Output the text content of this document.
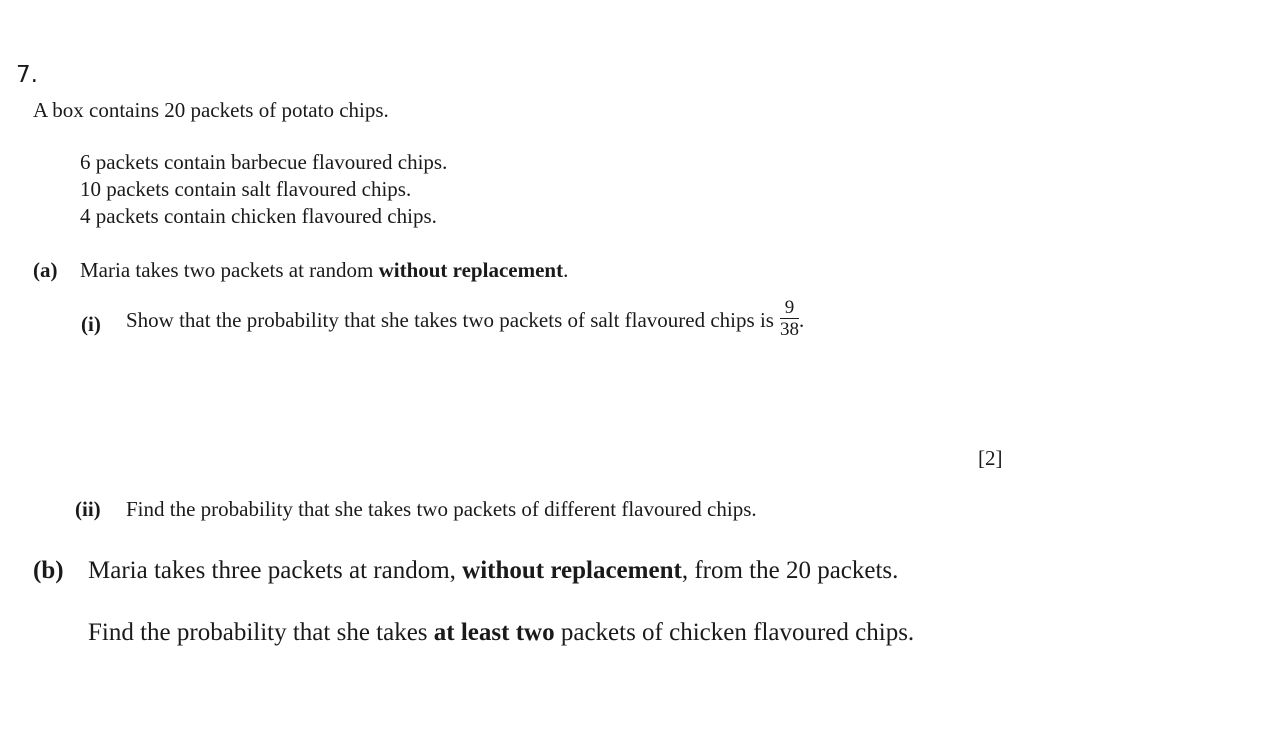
7.
A box contains 20 packets of potato chips.
6 packets contain barbecue flavoured chips.
10 packets contain salt flavoured chips.
4 packets contain chicken flavoured chips.
(a) Maria takes two packets at random without replacement.
(i) Show that the probability that she takes two packets of salt flavoured chips is $\frac{9}{38}$ .
[2]
(ii) Find the probability that she takes two packets of different flavoured chips.
(b) Maria takes three packets at random, without replacement, from the 20 packets.
Find the probability that she takes at least two packets of chicken flavoured chips.
